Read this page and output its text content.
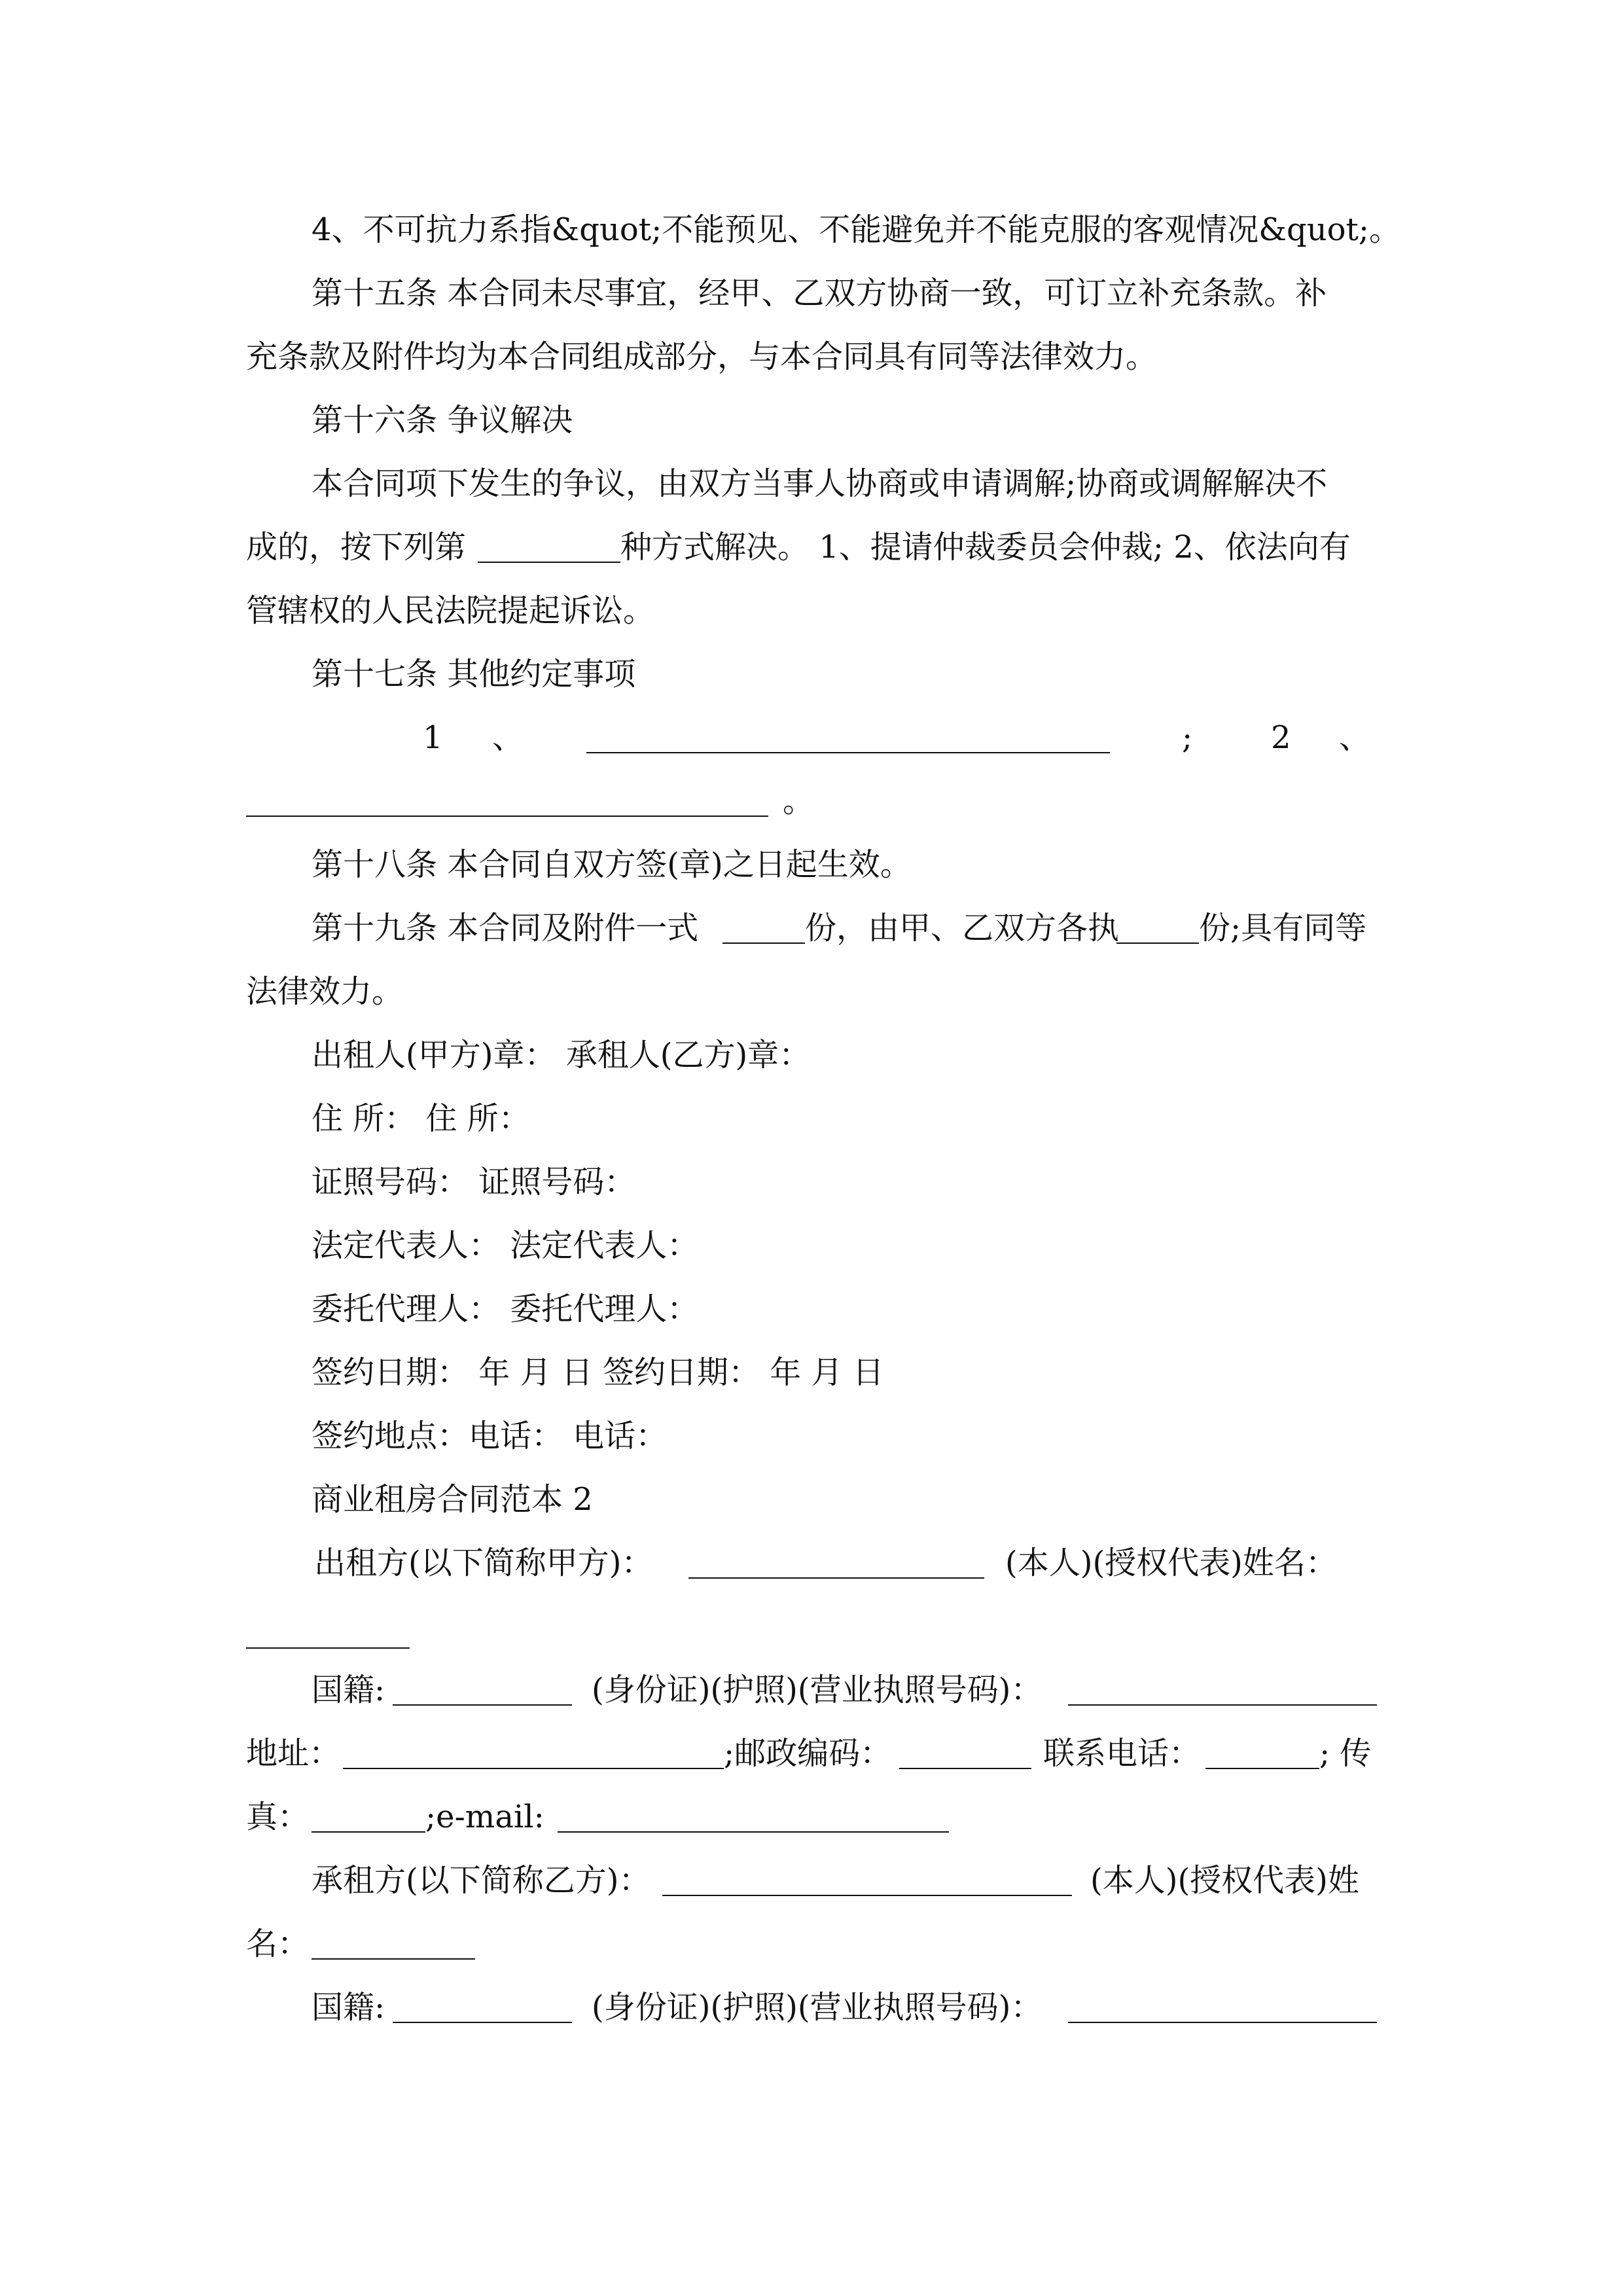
4、不可抗力系指&quot;不能预见、不能避免并不能克服的客观情况&quot;。
第十五条 本合同未尽事宜，经甲、乙双方协商一致，可订立补充条款。补
充条款及附件均为本合同组成部分，与本合同具有同等法律效力。
第十六条 争议解决
本合同项下发生的争议，由双方当事人协商或申请调解;协商或调解解决不
成的，按下列第	种方式解决。 1、提请仲裁委员会仲裁; 2、依法向有
管辖权的人民法院提起诉讼。
第十七条 其他约定事项
1 、	; 2 、
。
第十八条 本合同自双方签(章)之日起生效。
第十九条 本合同及附件一式	份，由甲、乙双方各执	份;具有同等
法律效力。
出租人(甲方)章： 承租人(乙方)章：
住 所： 住 所：
证照号码： 证照号码：
法定代表人： 法定代表人：
委托代理人： 委托代理人：
签约日期： 年 月 日 签约日期： 年 月 日
签约地点：电话： 电话：
商业租房合同范本 2
出租方(以下简称甲方)：	(本人)(授权代表)姓名：
国籍:	(身份证)(护照)(营业执照号码)：
地址：	;邮政编码：	联系电话：	; 传
真：	;e-mail:
承租方(以下简称乙方)：	(本人)(授权代表)姓
名：
国籍:	(身份证)(护照)(营业执照号码)：
